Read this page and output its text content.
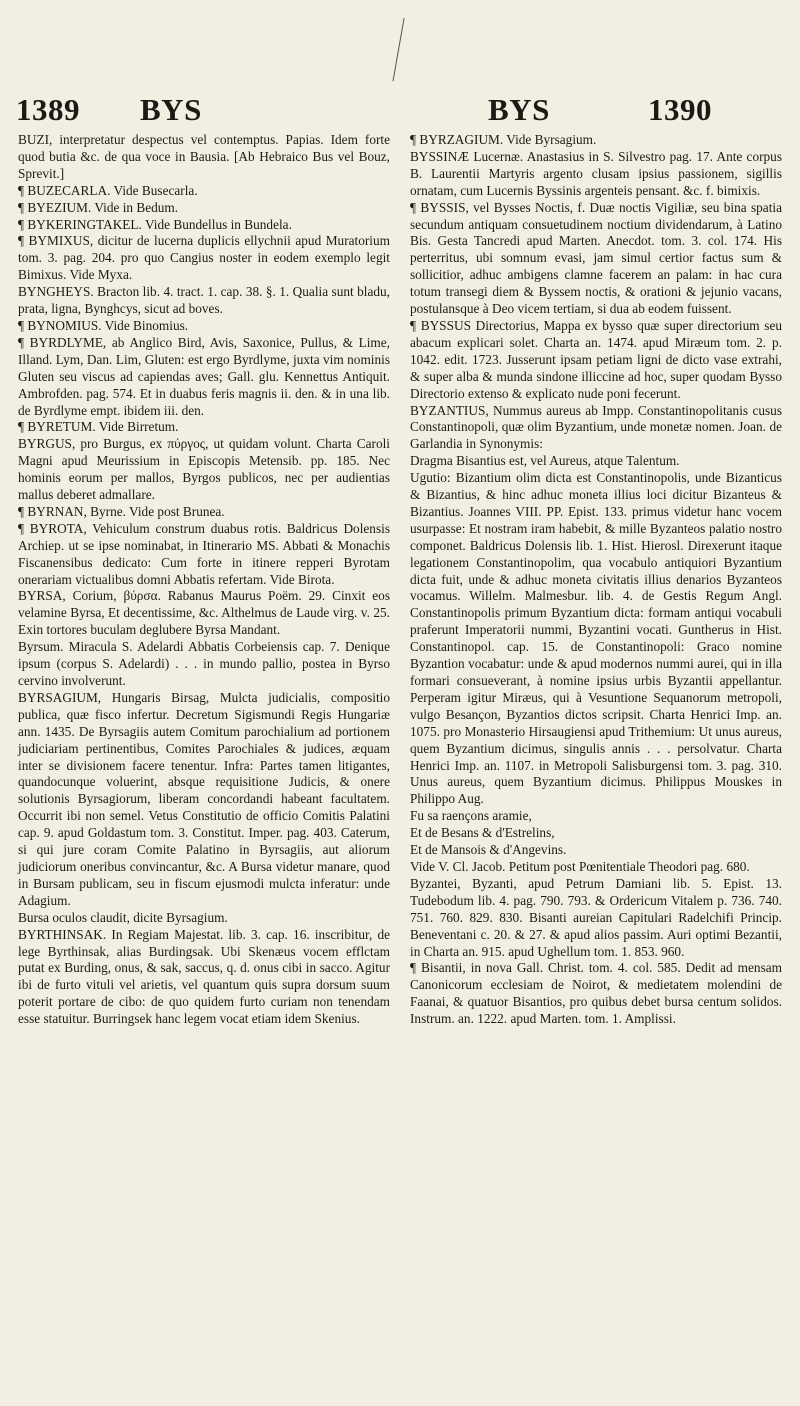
1389 BYS	BYS	1390

BUZI, interpretatur despectus vel contemptus. Papias. Idem forte quod butia &c. de qua voce in Bausia. [Ab Hebraico Bus vel Bouz, Sprevit.]

¶ BUZECARLA. Vide Busecarla.

¶ BYEZIUM. Vide in Bedum.

¶ BYKERINGTAKEL. Vide Bundellus in Bundela.

¶ BYMIXUS, dicitur de lucerna duplicis ellychnii apud Muratorium tom. 3. pag. 204. pro quo Cangius noster in eodem exemplo legit Bimixus. Vide Myxa.

BYNGHEYS. Bracton lib. 4. tract. 1. cap. 38. §. 1. Qualia sunt bladu, prata, ligna, Bynghcys, sicut ad boves.

¶ BYNOMIUS. Vide Binomius.

¶ BYRDLYME, ab Anglico Bird, Avis, Saxonice, Pullus, & Lime, Illand. Lym, Dan. Lim, Gluten: est ergo Byrdlyme, juxta vim nominis Gluten seu viscus ad capiendas aves; Gall. glu. Kennettus Antiquit. Ambrofden. pag. 574. Et in duabus feris magnis ii. den. & in una lib. de Byrdlyme empt. ibidem iii. den.

¶ BYRETUM. Vide Birretum.

BYRGUS, pro Burgus, ex πύργος, ut quidam volunt. Charta Caroli Magni apud Meurissium in Episcopis Metensib. pp. 185. Nec hominis eorum per mallos, Byrgos publicos, nec per audientias mallus deberet admallare.

¶ BYRNAN, Byrne. Vide post Brunea.

¶ BYROTA, Vehiculum construm duabus rotis. Baldricus Dolensis Archiep. ut se ipse nominabat, in Itinerario MS. Abbati & Monachis Fiscanensibus dedicato: Cum forte in itinere repperi Byrotam onerariam victualibus domni Abbatis refertam. Vide Birota.

BYRSA, Corium, βύρσα. Rabanus Maurus Poëm. 29. Cinxit eos velamine Byrsa, Et decentissime, &c. Althelmus de Laude virg. v. 25. Exin tortores buculam deglubere Byrsa Mandant.

Byrsum. Miracula S. Adelardi Abbatis Corbeiensis cap. 7. Denique ipsum (corpus S. Adelardi) . . . in mundo pallio, postea in Byrso cervino involverunt.

BYRSAGIUM, Hungaris Birsag, Mulcta judicialis, compositio publica, quæ fisco infertur. Decretum Sigismundi Regis Hungariæ ann. 1435. De Byrsagiis autem Comitum parochialium ad portionem judiciariam pertinentibus, Comites Parochiales & judices, æquam inter se divisionem facere tenentur. Infra: Partes tamen litigantes, quandocunque voluerint, absque requisitione Judicis, & onere solutionis Byrsagiorum, liberam concordandi habeant facultatem. Occurrit ibi non semel. Vetus Constitutio de officio Comitis Palatini cap. 9. apud Goldastum tom. 3. Constitut. Imper. pag. 403. Caterum, si qui jure coram Comite Palatino in Byrsagiis, aut aliorum judiciorum oneribus convincantur, &c. A Bursa videtur manare, quod in Bursam publicam, seu in fiscum ejusmodi mulcta inferatur: unde Adagium.

Bursa oculos claudit, dicite Byrsagium.

BYRTHINSAK. In Regiam Majestat. lib. 3. cap. 16. inscribitur, de lege Byrthinsak, alias Burdingsak. Ubi Skenæus vocem efflctam putat ex Burding, onus, & sak, saccus, q. d. onus cibi in sacco. Agitur ibi de furto vituli vel arietis, vel quantum quis supra dorsum suum poterit portare de cibo: de quo quidem furto curiam non tenendam esse statuitur. Burringsek hanc legem vocat etiam idem Skenius.

¶ BYRZAGIUM. Vide Byrsagium.

BYSSINÆ Lucernæ. Anastasius in S. Silvestro pag. 17. Ante corpus B. Laurentii Martyris argento clusam ipsius passionem, sigillis ornatam, cum Lucernis Byssinis argenteis pensant. &c. f. bimixis.

¶ BYSSIS, vel Bysses Noctis, f. Duæ noctis Vigiliæ, seu bina spatia secundum antiquam consuetudinem noctium dividendarum, à Latino Bis. Gesta Tancredi apud Marten. Anecdot. tom. 3. col. 174. His perterritus, ubi somnum evasi, jam simul certior factus sum & sollicitior, adhuc ambigens clamne facerem an palam: in hac cura totum transegi diem & Byssem noctis, & orationi & jejunio vacans, postulansque à Deo vicem tertiam, si dua ab eodem fuissent.

¶ BYSSUS Directorius, Mappa ex bysso quæ super directorium seu abacum explicari solet. Charta an. 1474. apud Miræum tom. 2. p. 1042. edit. 1723. Jusserunt ipsam petiam ligni de dicto vase extrahi, & super alba & munda sindone illiccine ad hoc, super quodam Bysso Directorio extenso & explicato nude poni fecerunt.

BYZANTIUS, Nummus aureus ab Impp. Constantinopolitanis cusus Constantinopoli, quæ olim Byzantium, unde monetæ nomen. Joan. de Garlandia in Synonymis:

Dragma Bisantius est, vel Aureus, atque Talentum.

Ugutio: Bizantium olim dicta est Constantinopolis, unde Bizanticus & Bizantius, & hinc adhuc moneta illius loci dicitur Bizanteus & Bizantius. Joannes VIII. PP. Epist. 133. primus videtur hanc vocem usurpasse: Et nostram iram habebit, & mille Byzanteos palatio nostro componet. Baldricus Dolensis lib. 1. Hist. Hierosl. Direxerunt itaque legationem Constantinopolim, qua vocabulo antiquiori Byzantium dicta fuit, unde & adhuc moneta civitatis illius denarios Byzanteos vocamus. Willelm. Malmesbur. lib. 4. de Gestis Regum Angl. Constantinopolis primum Byzantium dicta: formam antiqui vocabuli praferunt Imperatorii nummi, Byzantini vocati. Guntherus in Hist. Constantinopol. cap. 15. de Constantinopoli: Graco nomine Byzantion vocabatur: unde & apud modernos nummi aurei, qui in illa formari consueverant, à nomine ipsius urbis Byzantii appellantur. Perperam igitur Miræus, qui à Vesuntione Sequanorum metropoli, vulgo Besançon, Byzantios dictos scripsit. Charta Henrici Imp. an. 1075. pro Monasterio Hirsaugiensi apud Trithemium: Ut unus aureus, quem Byzantium dicimus, singulis annis . . . persolvatur. Charta Henrici Imp. an. 1107. in Metropoli Salisburgensi tom. 3. pag. 310. Unus aureus, quem Byzantium dicimus. Philippus Mouskes in Philippo Aug.

Fu sa raençons aramie,

Et de Besans & d'Estrelins,

Et de Mansois & d'Angevins.

Vide V. Cl. Jacob. Petitum post Pœnitentiale Theodori pag. 680.

Byzantei, Byzanti, apud Petrum Damiani lib. 5. Epist. 13. Tudebodum lib. 4. pag. 790. 793. & Ordericum Vitalem p. 736. 740. 751. 760. 829. 830. Bisanti aureian Capitulari Radelchifi Princip. Beneventani c. 20. & 27. & apud alios passim. Auri optimi Bezantii, in Charta an. 915. apud Ughellum tom. 1. 853. 960.

¶ Bisantii, in nova Gall. Christ. tom. 4. col. 585. Dedit ad mensam Canonicorum ecclesiam de Noirot, & medietatem molendini de Faanai, & quatuor Bisantios, pro quibus debet bursa centum solidos. Instrum. an. 1222. apud Marten. tom. 1. Amplissi.
